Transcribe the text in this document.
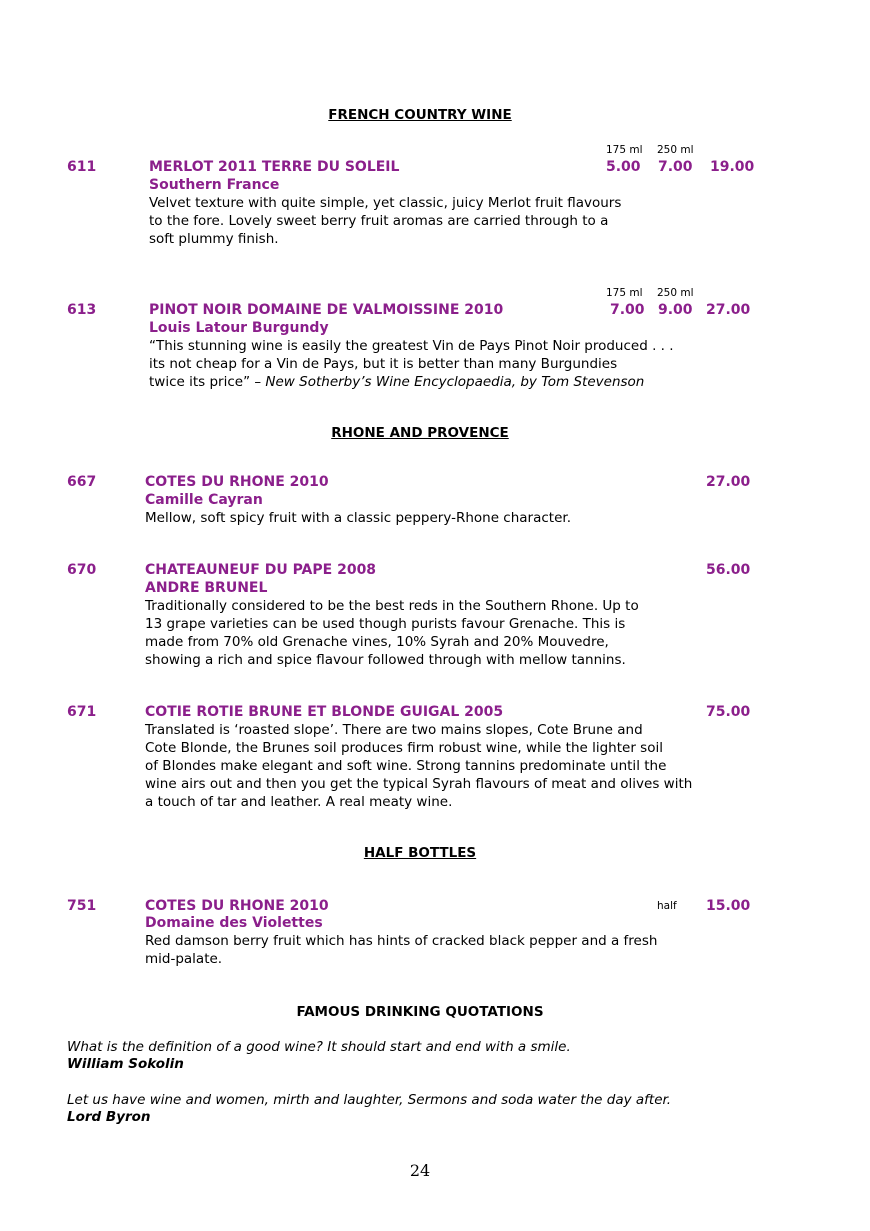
FRENCH COUNTRY WINE
175 ml 250 ml
611	MERLOT 2011 TERRE DU SOLEIL	5.00 7.00 19.00
Southern France
Velvet texture with quite simple, yet classic, juicy Merlot fruit flavours
to the fore. Lovely sweet berry fruit aromas are carried through to a
soft plummy finish.
175 ml 250 ml
613	PINOT NOIR DOMAINE DE VALMOISSINE 2010	7.00 9.00 27.00
Louis Latour Burgundy
“This stunning wine is easily the greatest Vin de Pays Pinot Noir produced . . .
its not cheap for a Vin de Pays, but it is better than many Burgundies
twice its price” – New Sotherby’s Wine Encyclopaedia, by Tom Stevenson
RHONE AND PROVENCE
667	COTES DU RHONE 2010	27.00
Camille Cayran
Mellow, soft spicy fruit with a classic peppery-Rhone character.
670	CHATEAUNEUF DU PAPE 2008	56.00
ANDRE BRUNEL
Traditionally considered to be the best reds in the Southern Rhone. Up to
13 grape varieties can be used though purists favour Grenache. This is
made from 70% old Grenache vines, 10% Syrah and 20% Mouvedre,
showing a rich and spice flavour followed through with mellow tannins.
671	COTIE ROTIE BRUNE ET BLONDE GUIGAL 2005	75.00
Translated is ‘roasted slope’. There are two mains slopes, Cote Brune and
Cote Blonde, the Brunes soil produces firm robust wine, while the lighter soil
of Blondes make elegant and soft wine. Strong tannins predominate until the
wine airs out and then you get the typical Syrah flavours of meat and olives with
a touch of tar and leather. A real meaty wine.
HALF BOTTLES
751	COTES DU RHONE 2010	half 15.00
Domaine des Violettes
Red damson berry fruit which has hints of cracked black pepper and a fresh
mid-palate.
FAMOUS DRINKING QUOTATIONS
What is the definition of a good wine? It should start and end with a smile.
William Sokolin
Let us have wine and women, mirth and laughter, Sermons and soda water the day after.
Lord Byron
24
